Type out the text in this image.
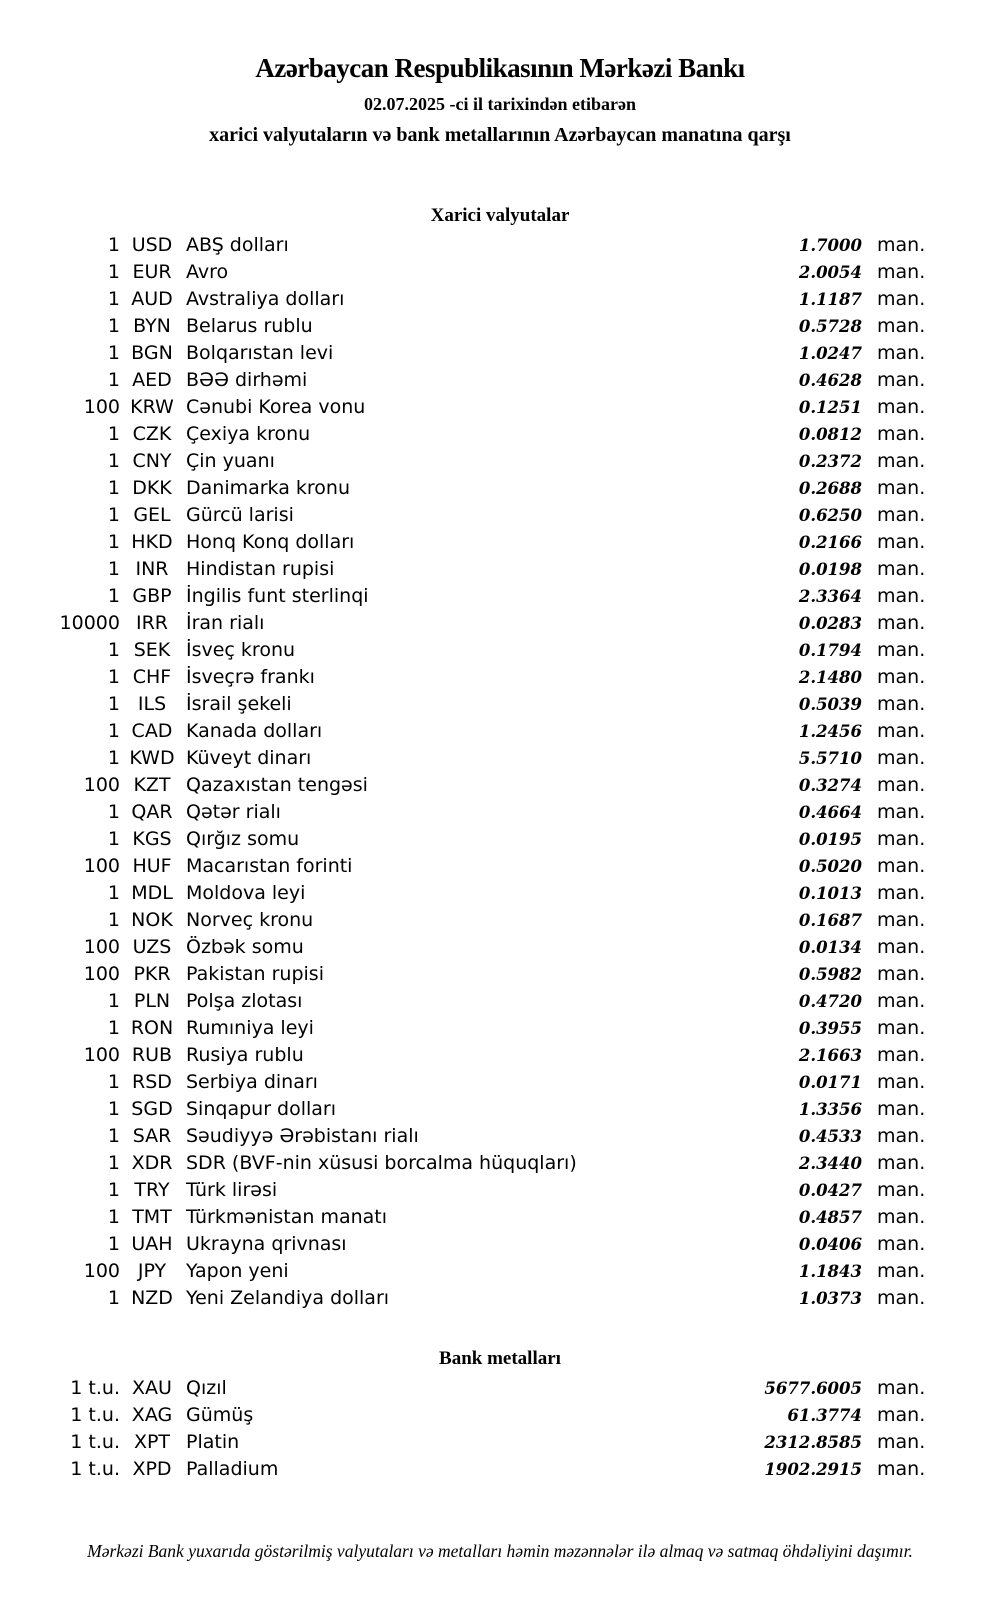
Azərbaycan Respublikasının Mərkəzi Bankı
02.07.2025 -ci il tarixindən etibarən
xarici valyutaların və bank metallarının Azərbaycan manatına qarşı
Xarici valyutalar
1 USD ABŞ dolları	1.7000 man.
1 EUR Avro	2.0054 man.
1 AUD Avstraliya dolları	1.1187 man.
1 BYN Belarus rublu	0.5728 man.
1 BGN Bolqarıstan levi	1.0247 man.
1 AED BƏƏ dirhəmi	0.4628 man.
100 KRW Cənubi Korea vonu	0.1251 man.
1 CZK Çexiya kronu	0.0812 man.
1 CNY Çin yuanı	0.2372 man.
1 DKK Danimarka kronu	0.2688 man.
1 GEL Gürcü larisi	0.6250 man.
1 HKD Honq Konq dolları	0.2166 man.
1 INR Hindistan rupisi	0.0198 man.
1 GBP İngilis funt sterlinqi	2.3364 man.
10000 IRR İran rialı	0.0283 man.
1 SEK İsveç kronu	0.1794 man.
1 CHF İsveçrə frankı	2.1480 man.
1 ILS	İsrail şekeli	0.5039 man.
1 CAD Kanada dolları	1.2456 man.
1 KWD Küveyt dinarı	5.5710 man.
100 KZT Qazaxıstan tengəsi	0.3274 man.
1 QAR Qətər rialı	0.4664 man.
1 KGS Qırğız somu	0.0195 man.
100 HUF Macarıstan forinti	0.5020 man.
1 MDL Moldova leyi	0.1013 man.
1 NOK Norveç kronu	0.1687 man.
100 UZS Özbək somu	0.0134 man.
100 PKR Pakistan rupisi	0.5982 man.
1 PLN Polşa zlotası	0.4720 man.
1 RON Rumıniya leyi	0.3955 man.
100 RUB Rusiya rublu	2.1663 man.
1 RSD Serbiya dinarı	0.0171 man.
1 SGD Sinqapur dolları	1.3356 man.
1 SAR Səudiyyə Ərəbistanı rialı	0.4533 man.
1 XDR SDR (BVF-nin xüsusi borcalma hüquqları)	2.3440 man.
1 TRY Türk lirəsi	0.0427 man.
1 TMT Türkmənistan manatı	0.4857 man.
1 UAH Ukrayna qrivnası	0.0406 man.
100 JPY	Yapon yeni	1.1843 man.
1 NZD Yeni Zelandiya dolları	1.0373 man.
Bank metalları
1 t.u. XAU Qızıl	5677.6005 man.
1 t.u. XAG Gümüş	61.3774 man.
1 t.u. XPT Platin	2312.8585 man.
1 t.u. XPD Palladium	1902.2915 man.
Mərkəzi Bank yuxarıda göstərilmiş valyutaları və metalları həmin məzənnələr ilə almaq və satmaq öhdəliyini daşımır.
